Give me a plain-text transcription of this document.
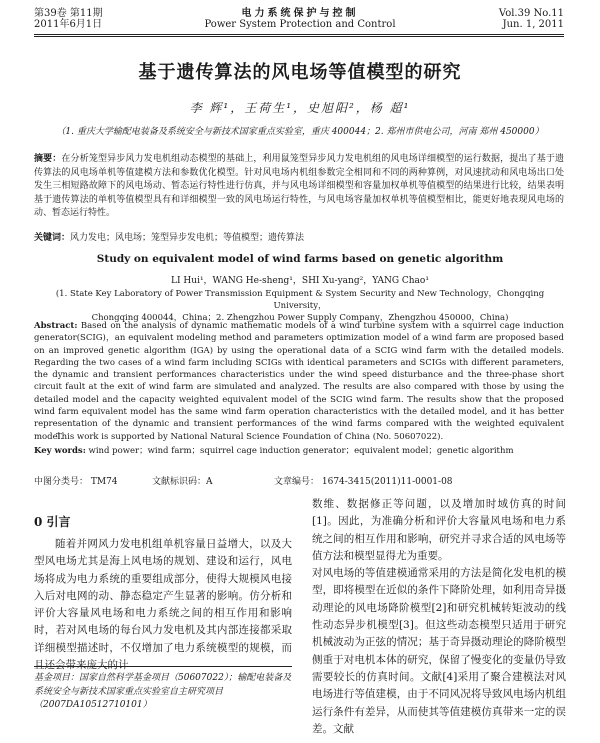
第39卷 第11期
2011年6月1日
电力系统保护与控制
Power System Protection and Control
Vol.39 No.11
Jun. 1, 2011
基于遗传算法的风电场等值模型的研究
李 辉¹，王荷生¹，史旭阳²，杨 超¹
（1. 重庆大学输配电装备及系统安全与新技术国家重点实验室，重庆 400044；2. 郑州市供电公司，河南 郑州 450000）
摘要：在分析笼型异步风力发电机组动态模型的基础上，利用鼠笼型异步风力发电机组的风电场详细模型的运行数据，提出了基于遗传算法的风电场单机等值建模方法和参数优化模型。针对风电场内机组参数完全相同和不同的两种算例，对风速扰动和风电场出口处发生三相短路故障下的风电场动、暂态运行特性进行仿真，并与风电场详细模型和容量加权单机等值模型的结果进行比较，结果表明基于遗传算法的单机等值模型具有和详细模型一致的风电场运行特性，与风电场容量加权单机等值模型相比，能更好地表现风电场的动、暂态运行特性。
关键词：风力发电；风电场；笼型异步发电机；等值模型；遗传算法
Study on equivalent model of wind farms based on genetic algorithm
LI Hui¹，WANG He-sheng¹，SHI Xu-yang²，YANG Chao¹
(1. State Key Laboratory of Power Transmission Equipment & System Security and New Technology，Chongqing University，
Chongqing 400044，China；2. Zhengzhou Power Supply Company，Zhengzhou 450000，China)
Abstract: Based on the analysis of dynamic mathematic models of a wind turbine system with a squirrel cage induction generator(SCIG)，an equivalent modeling method and parameters optimization model of a wind farm are proposed based on an improved genetic algorithm (IGA) by using the operational data of a SCIG wind farm with the detailed models. Regarding the two cases of a wind farm including SCIGs with identical parameters and SCIGs with different parameters, the dynamic and transient performances characteristics under the wind speed disturbance and the three-phase short circuit fault at the exit of wind farm are simulated and analyzed. The results are also compared with those by using the detailed model and the capacity weighted equivalent model of the SCIG wind farm. The results show that the proposed wind farm equivalent model has the same wind farm operation characteristics with the detailed model, and it has better representation of the dynamic and transient performances of the wind farms compared with the weighted equivalent model.
This work is supported by National Natural Science Foundation of China (No. 50607022).
Key words: wind power；wind farm；squirrel cage induction generator；equivalent model；genetic algorithm
中图分类号： TM74	文献标识码：A	文章编号： 1674-3415(2011)11-0001-08
0 引言
随着并网风力发电机组单机容量日益增大，以及大型风电场尤其是海上风电场的规划、建设和运行，风电场将成为电力系统的重要组成部分，使得大规模风电接入后对电网的动、静态稳定产生显著的影响。仿分析和评价大容量风电场和电力系统之间的相互作用和影响时，若对风电场的每台风力发电机及其内部连接都采取详细模型描述时，不仅增加了电力系统模型的规模，而且还会带来庞大的计
数维、数据修正等问题，以及增加时域仿真的时间[1]。因此，为准确分析和评价大容量风电场和电力系统之间的相互作用和影响，研究并寻求合适的风电场等值方法和模型显得尤为重要。
对风电场的等值建模通常采用的方法是简化发电机的模型，即将模型在近似的条件下降阶处理，如利用奇异摄动理论的风电场降阶模型[2]和研究机械转矩波动的线性动态异步机模型[3]。但这些动态模型只适用于研究机械波动为正弦的情况；基于奇异摄动理论的降阶模型侧重于对电机本体的研究，保留了慢变化的变量仍导致需要较长的仿真时间。文献[4]采用了聚合建模法对风电场进行等值建模，由于不同风况将导致风电场内机组运行条件有差异，从而使其等值建模仿真带来一定的误差。文献
基金项目：国家自然科学基金项目（50607022）；输配电装备及系统安全与新技术国家重点实验室自主研究项目（2007DA10512710101）
